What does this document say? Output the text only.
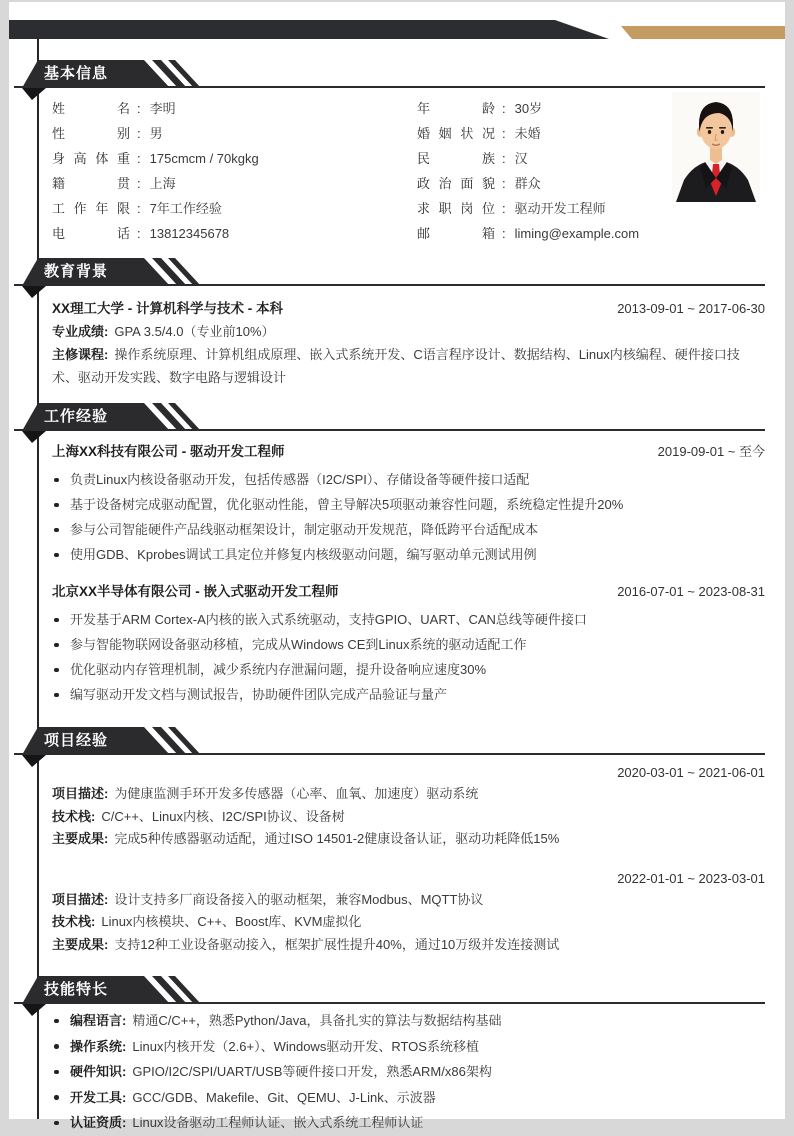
基本信息
姓名 : 李明
性别 : 男
身高体重 : 175cmcm / 70kgkg
籍贯 : 上海
工作年限 : 7年工作经验
电话 : 13812345678
年龄 : 30岁
婚姻状况 : 未婚
民族 : 汉
政治面貌 : 群众
求职岗位 : 驱动开发工程师
邮箱 : liming@example.com
教育背景
XX理工大学 - 计算机科学与技术 - 本科	2013-09-01 ~ 2017-06-30
专业成绩: GPA 3.5/4.0（专业前10%）
主修课程: 操作系统原理、计算机组成原理、嵌入式系统开发、C语言程序设计、数据结构、Linux内核编程、硬件接口技术、驱动开发实践、数字电路与逻辑设计
工作经验
上海XX科技有限公司 - 驱动开发工程师	2019-09-01 ~ 至今
负责Linux内核设备驱动开发，包括传感器（I2C/SPI）、存储设备等硬件接口适配
基于设备树完成驱动配置，优化驱动性能，曾主导解决5项驱动兼容性问题，系统稳定性提升20%
参与公司智能硬件产品线驱动框架设计，制定驱动开发规范，降低跨平台适配成本
使用GDB、Kprobes调试工具定位并修复内核级驱动问题，编写驱动单元测试用例
北京XX半导体有限公司 - 嵌入式驱动开发工程师	2016-07-01 ~ 2023-08-31
开发基于ARM Cortex-A内核的嵌入式系统驱动，支持GPIO、UART、CAN总线等硬件接口
参与智能物联网设备驱动移植，完成从Windows CE到Linux系统的驱动适配工作
优化驱动内存管理机制，减少系统内存泄漏问题，提升设备响应速度30%
编写驱动开发文档与测试报告，协助硬件团队完成产品验证与量产
项目经验
2020-03-01 ~ 2021-06-01
项目描述: 为健康监测手环开发多传感器（心率、血氧、加速度）驱动系统
技术栈: C/C++、Linux内核、I2C/SPI协议、设备树
主要成果: 完成5种传感器驱动适配，通过ISO 14501-2健康设备认证，驱动功耗降低15%
2022-01-01 ~ 2023-03-01
项目描述: 设计支持多厂商设备接入的驱动框架，兼容Modbus、MQTT协议
技术栈: Linux内核模块、C++、Boost库、KVM虚拟化
主要成果: 支持12种工业设备驱动接入，框架扩展性提升40%，通过10万级并发连接测试
技能特长
编程语言: 精通C/C++，熟悉Python/Java，具备扎实的算法与数据结构基础
操作系统: Linux内核开发（2.6+）、Windows驱动开发、RTOS系统移植
硬件知识: GPIO/I2C/SPI/UART/USB等硬件接口开发，熟悉ARM/x86架构
开发工具: GCC/GDB、Makefile、Git、QEMU、J-Link、示波器
认证资质: Linux设备驱动工程师认证、嵌入式系统工程师认证
